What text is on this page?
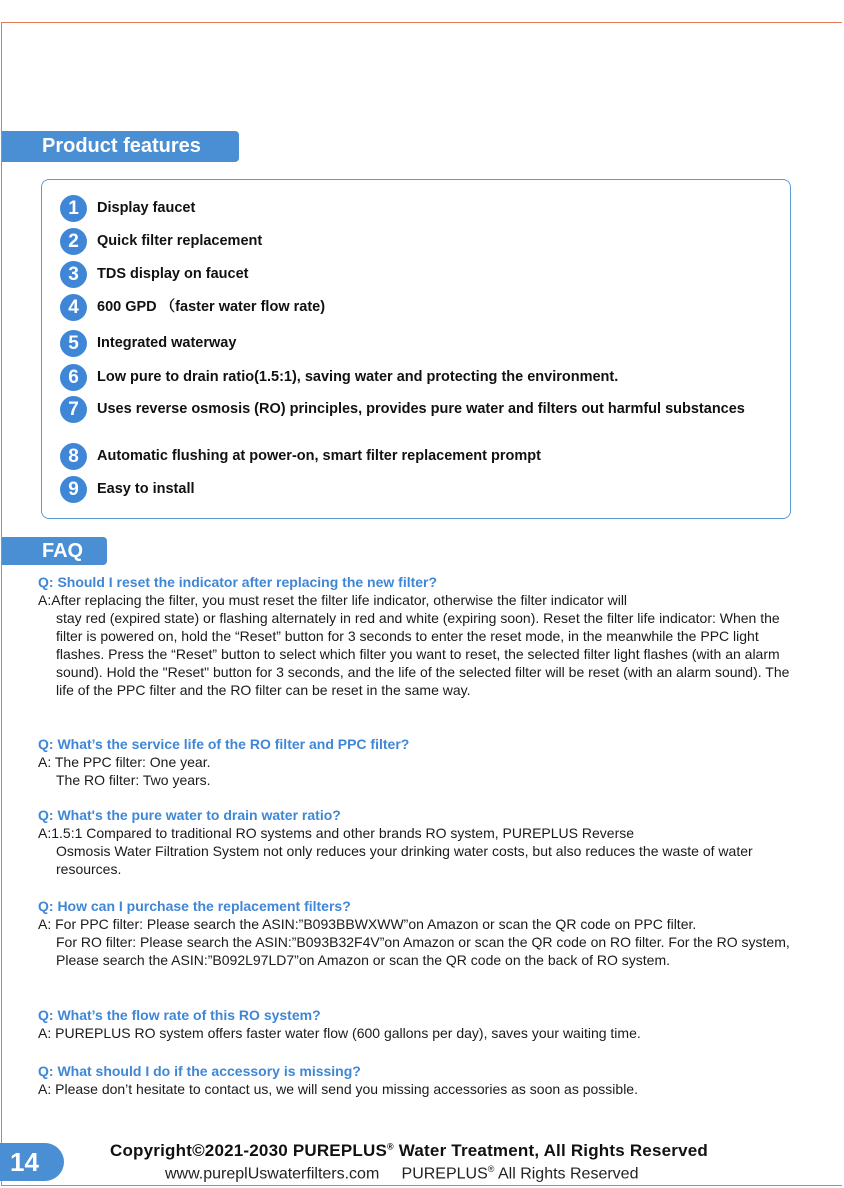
Product features
1	Display faucet
2	Quick filter replacement
3	TDS display on faucet
4	600 GPD （faster water flow rate)
5	Integrated waterway
6	Low pure to drain ratio(1.5:1), saving water and protecting the environment.
7	Uses reverse osmosis (RO) principles, provides pure water and filters out harmful substances
8	Automatic flushing at power-on, smart filter replacement prompt
9	Easy to install
FAQ
Q: Should I reset the indicator after replacing the new filter?
A:After replacing the filter, you must reset the filter life indicator, otherwise the filter indicator will
stay red (expired state) or flashing alternately in red and white (expiring soon). Reset the filter life indicator: When the filter is powered on, hold the “Reset” button for 3 seconds to enter the reset mode, in the meanwhile the PPC light flashes. Press the “Reset” button to select which filter you want to reset, the selected filter light flashes (with an alarm sound). Hold the "Reset" button for 3 seconds, and the life of the selected filter will be reset (with an alarm sound). The life of the PPC filter and the RO filter can be reset in the same way.
Q: What’s the service life of the RO filter and PPC filter?
A: The PPC filter: One year.
The RO filter: Two years.
Q: What's the pure water to drain water ratio?
A:1.5:1 Compared to traditional RO systems and other brands RO system, PUREPLUS Reverse
Osmosis Water Filtration System not only reduces your drinking water costs, but also reduces the waste of water resources.
Q: How can I purchase the replacement filters?
A: For PPC filter: Please search the ASIN:”B093BBWXWW”on Amazon or scan the QR code on PPC filter.
For RO filter: Please search the ASIN:”B093B32F4V”on Amazon or scan the QR code on RO filter. For the RO system, Please search the ASIN:”B092L97LD7”on Amazon or scan the QR code on the back of RO system.
Q: What’s the flow rate of this RO system?
A: PUREPLUS RO system offers faster water flow (600 gallons per day), saves your waiting time.
Q: What should I do if the accessory is missing?
A: Please don’t hesitate to contact us, we will send you missing accessories as soon as possible.
14	Copyright©2021-2030 PUREPLUS® Water Treatment, All Rights Reserved
www.pureplUswaterfilters.com PUREPLUS® All Rights Reserved
